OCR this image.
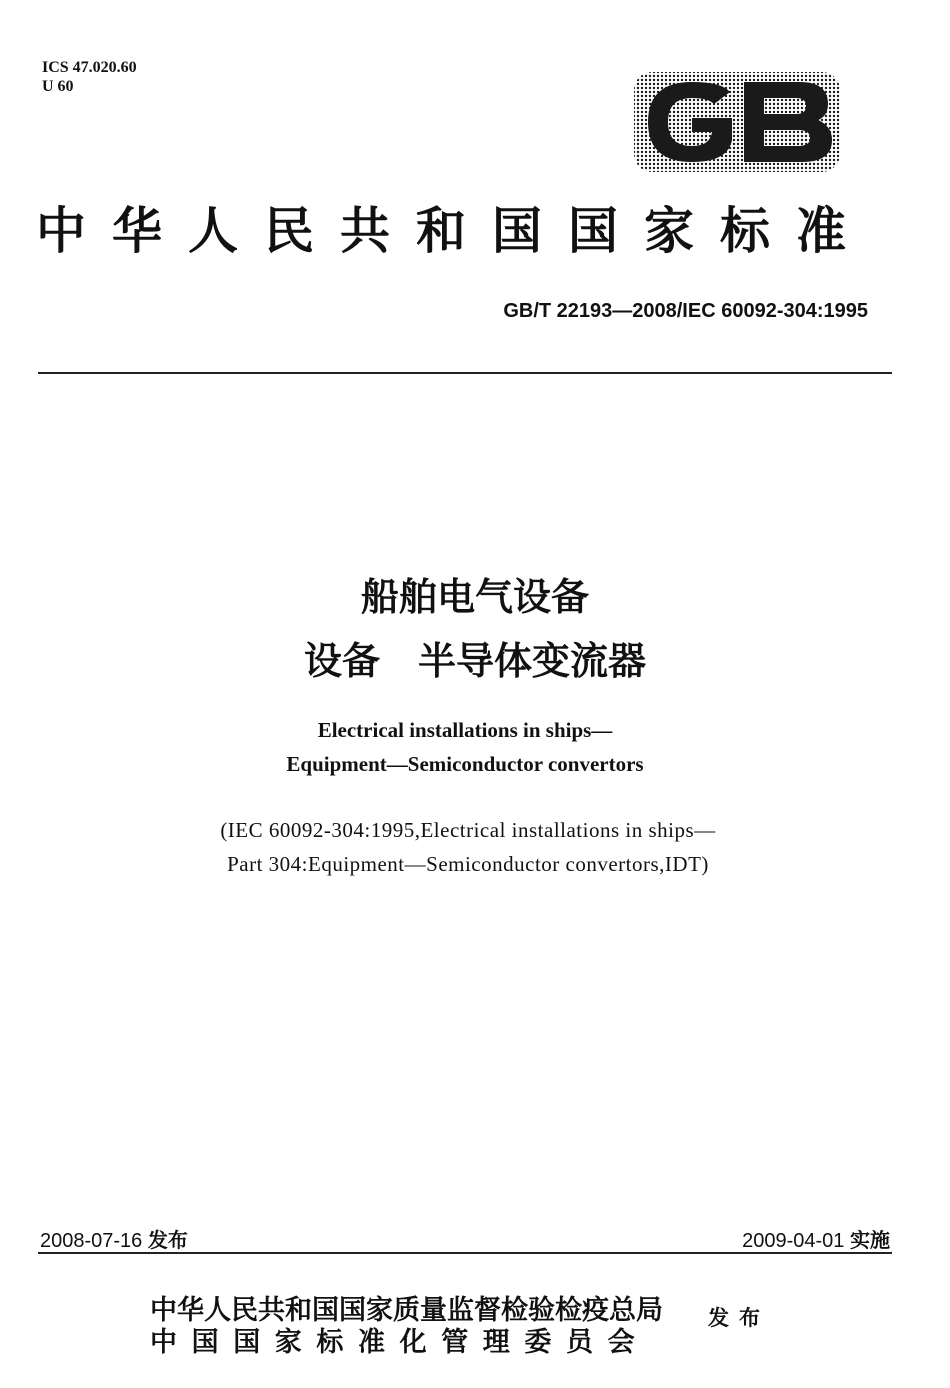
ICS 47.020.60
U 60
中华人民共和国国家标准
GB/T 22193—2008/IEC 60092-304:1995
船舶电气设备
设备　半导体变流器
Electrical installations in ships—
Equipment—Semiconductor convertors
(IEC 60092-304:1995,Electrical installations in ships—
Part 304:Equipment—Semiconductor convertors,IDT)
2008-07-16 发布	2009-04-01 实施
中华人民共和国国家质量监督检验检疫总局
中国国家标准化管理委员会
发布
